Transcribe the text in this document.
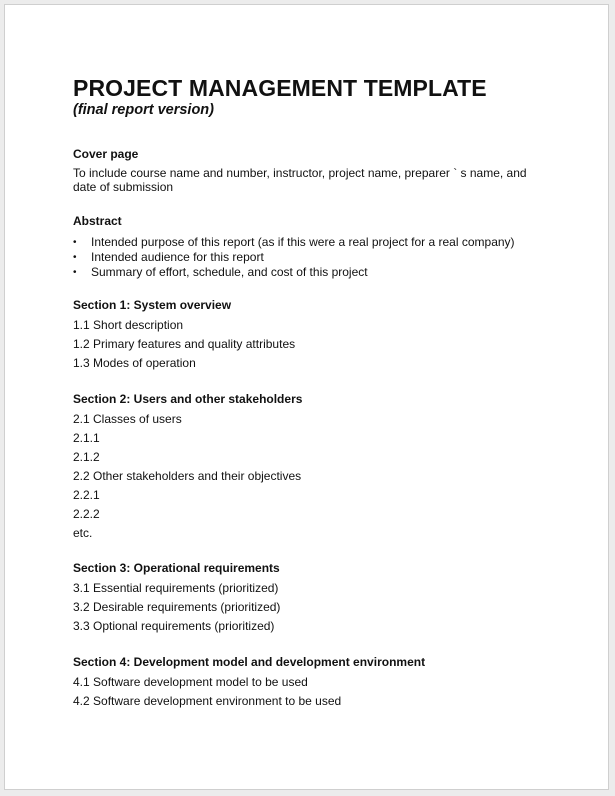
PROJECT MANAGEMENT TEMPLATE
(final report version)
Cover page

To include course name and number, instructor, project name, preparer ` s name, and date of submission

Abstract
• Intended purpose of this report (as if this were a real project for a real company)
• Intended audience for this report
• Summary of effort, schedule, and cost of this project
Section 1: System overview
1.1 Short description
1.2 Primary features and quality attributes
1.3 Modes of operation
Section 2: Users and other stakeholders
2.1 Classes of users
2.1.1
2.1.2
2.2 Other stakeholders and their objectives
2.2.1
2.2.2
etc.
Section 3: Operational requirements
3.1 Essential requirements (prioritized)
3.2 Desirable requirements (prioritized)
3.3 Optional requirements (prioritized)
Section 4: Development model and development environment
4.1 Software development model to be used
4.2 Software development environment to be used
